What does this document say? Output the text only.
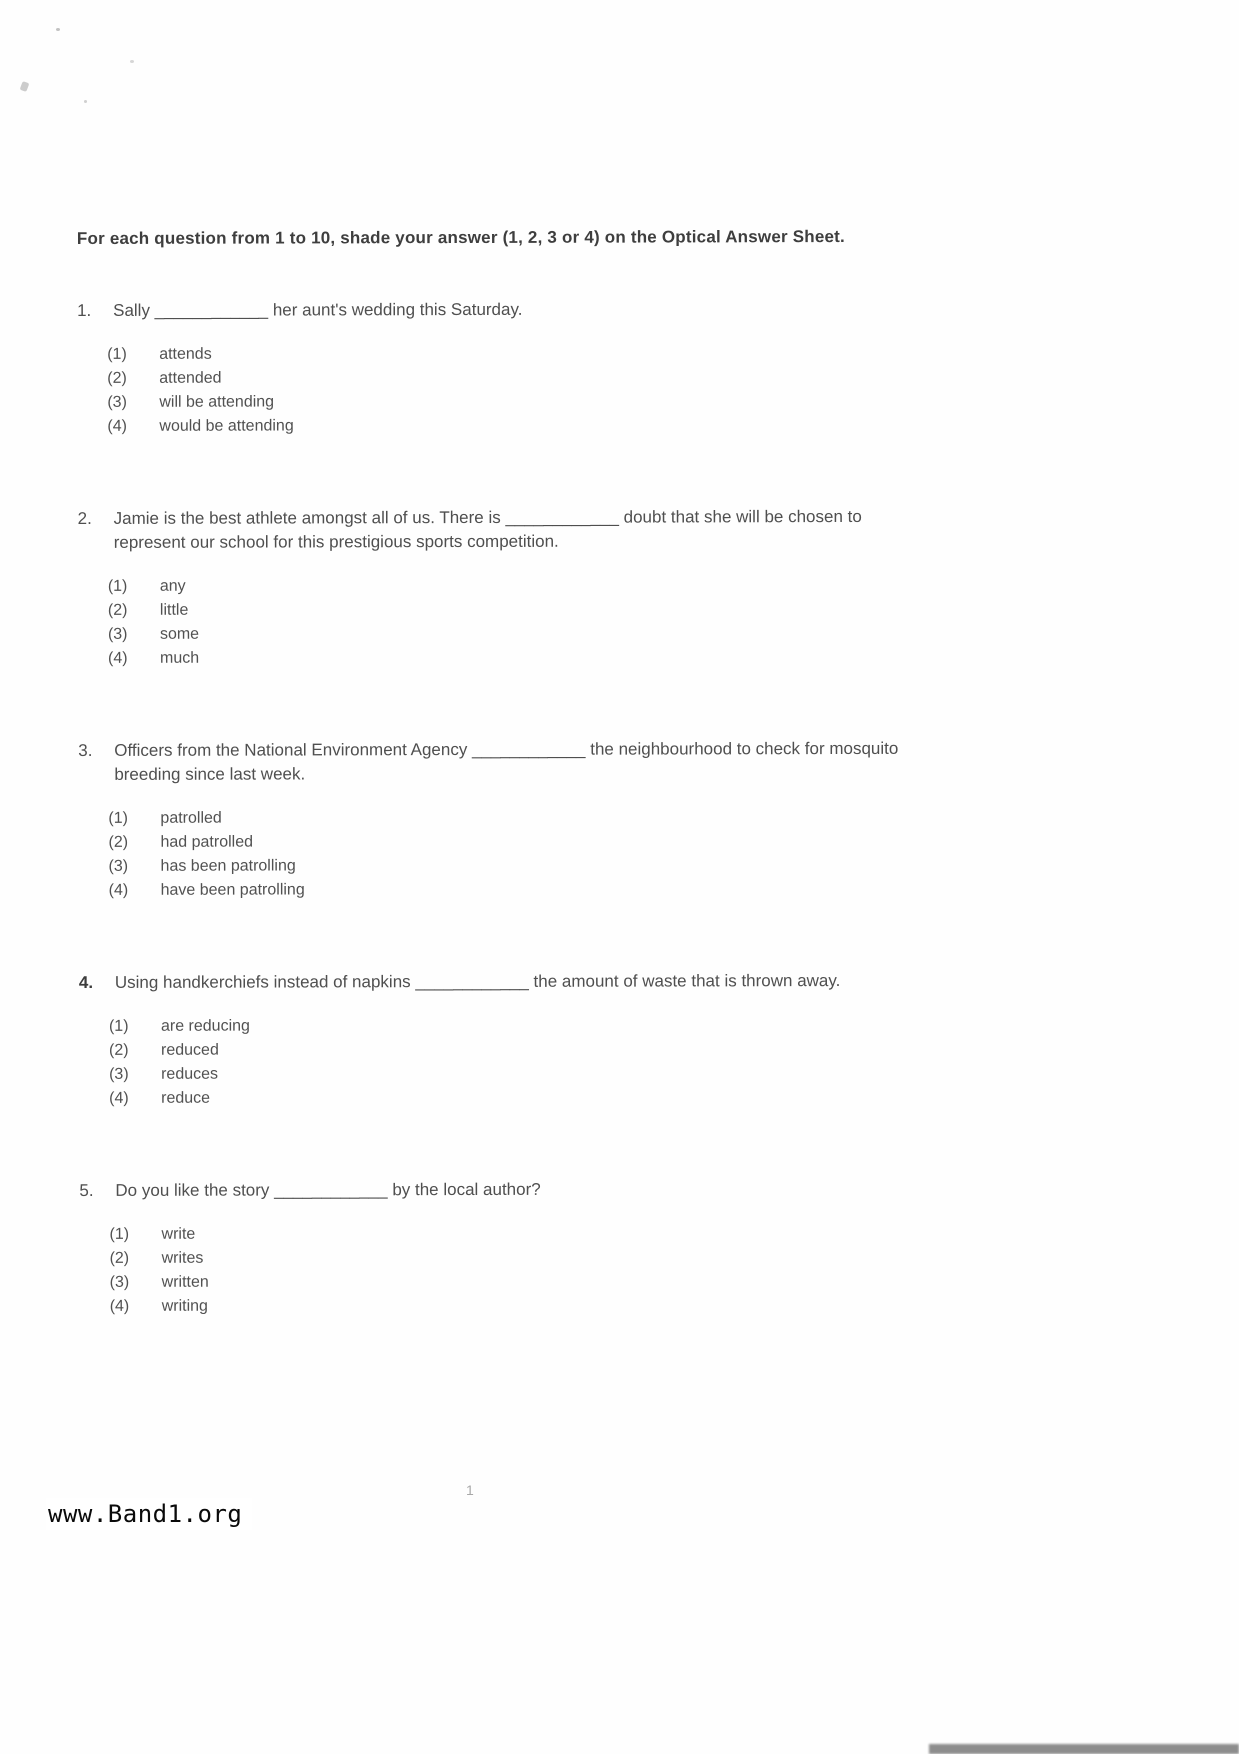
For each question from 1 to 10, shade your answer (1, 2, 3 or 4) on the Optical Answer Sheet.

1.	Sally ____________ her aunt's wedding this Saturday.
(1)	attends
(2)	attended
(3)	will be attending
(4)	would be attending
2.	Jamie is the best athlete amongst all of us. There is ____________ doubt that she will be chosen to represent our school for this prestigious sports competition.
(1)	any
(2)	little
(3)	some
(4)	much
3.	Officers from the National Environment Agency ____________ the neighbourhood to check for mosquito breeding since last week.
(1)	patrolled
(2)	had patrolled
(3)	has been patrolling
(4)	have been patrolling
4.	Using handkerchiefs instead of napkins ____________ the amount of waste that is thrown away.
(1)	are reducing
(2)	reduced
(3)	reduces
(4)	reduce
5.	Do you like the story ____________ by the local author?
(1)	write
(2)	writes
(3)	written
(4)	writing
1
www.Band1.org
